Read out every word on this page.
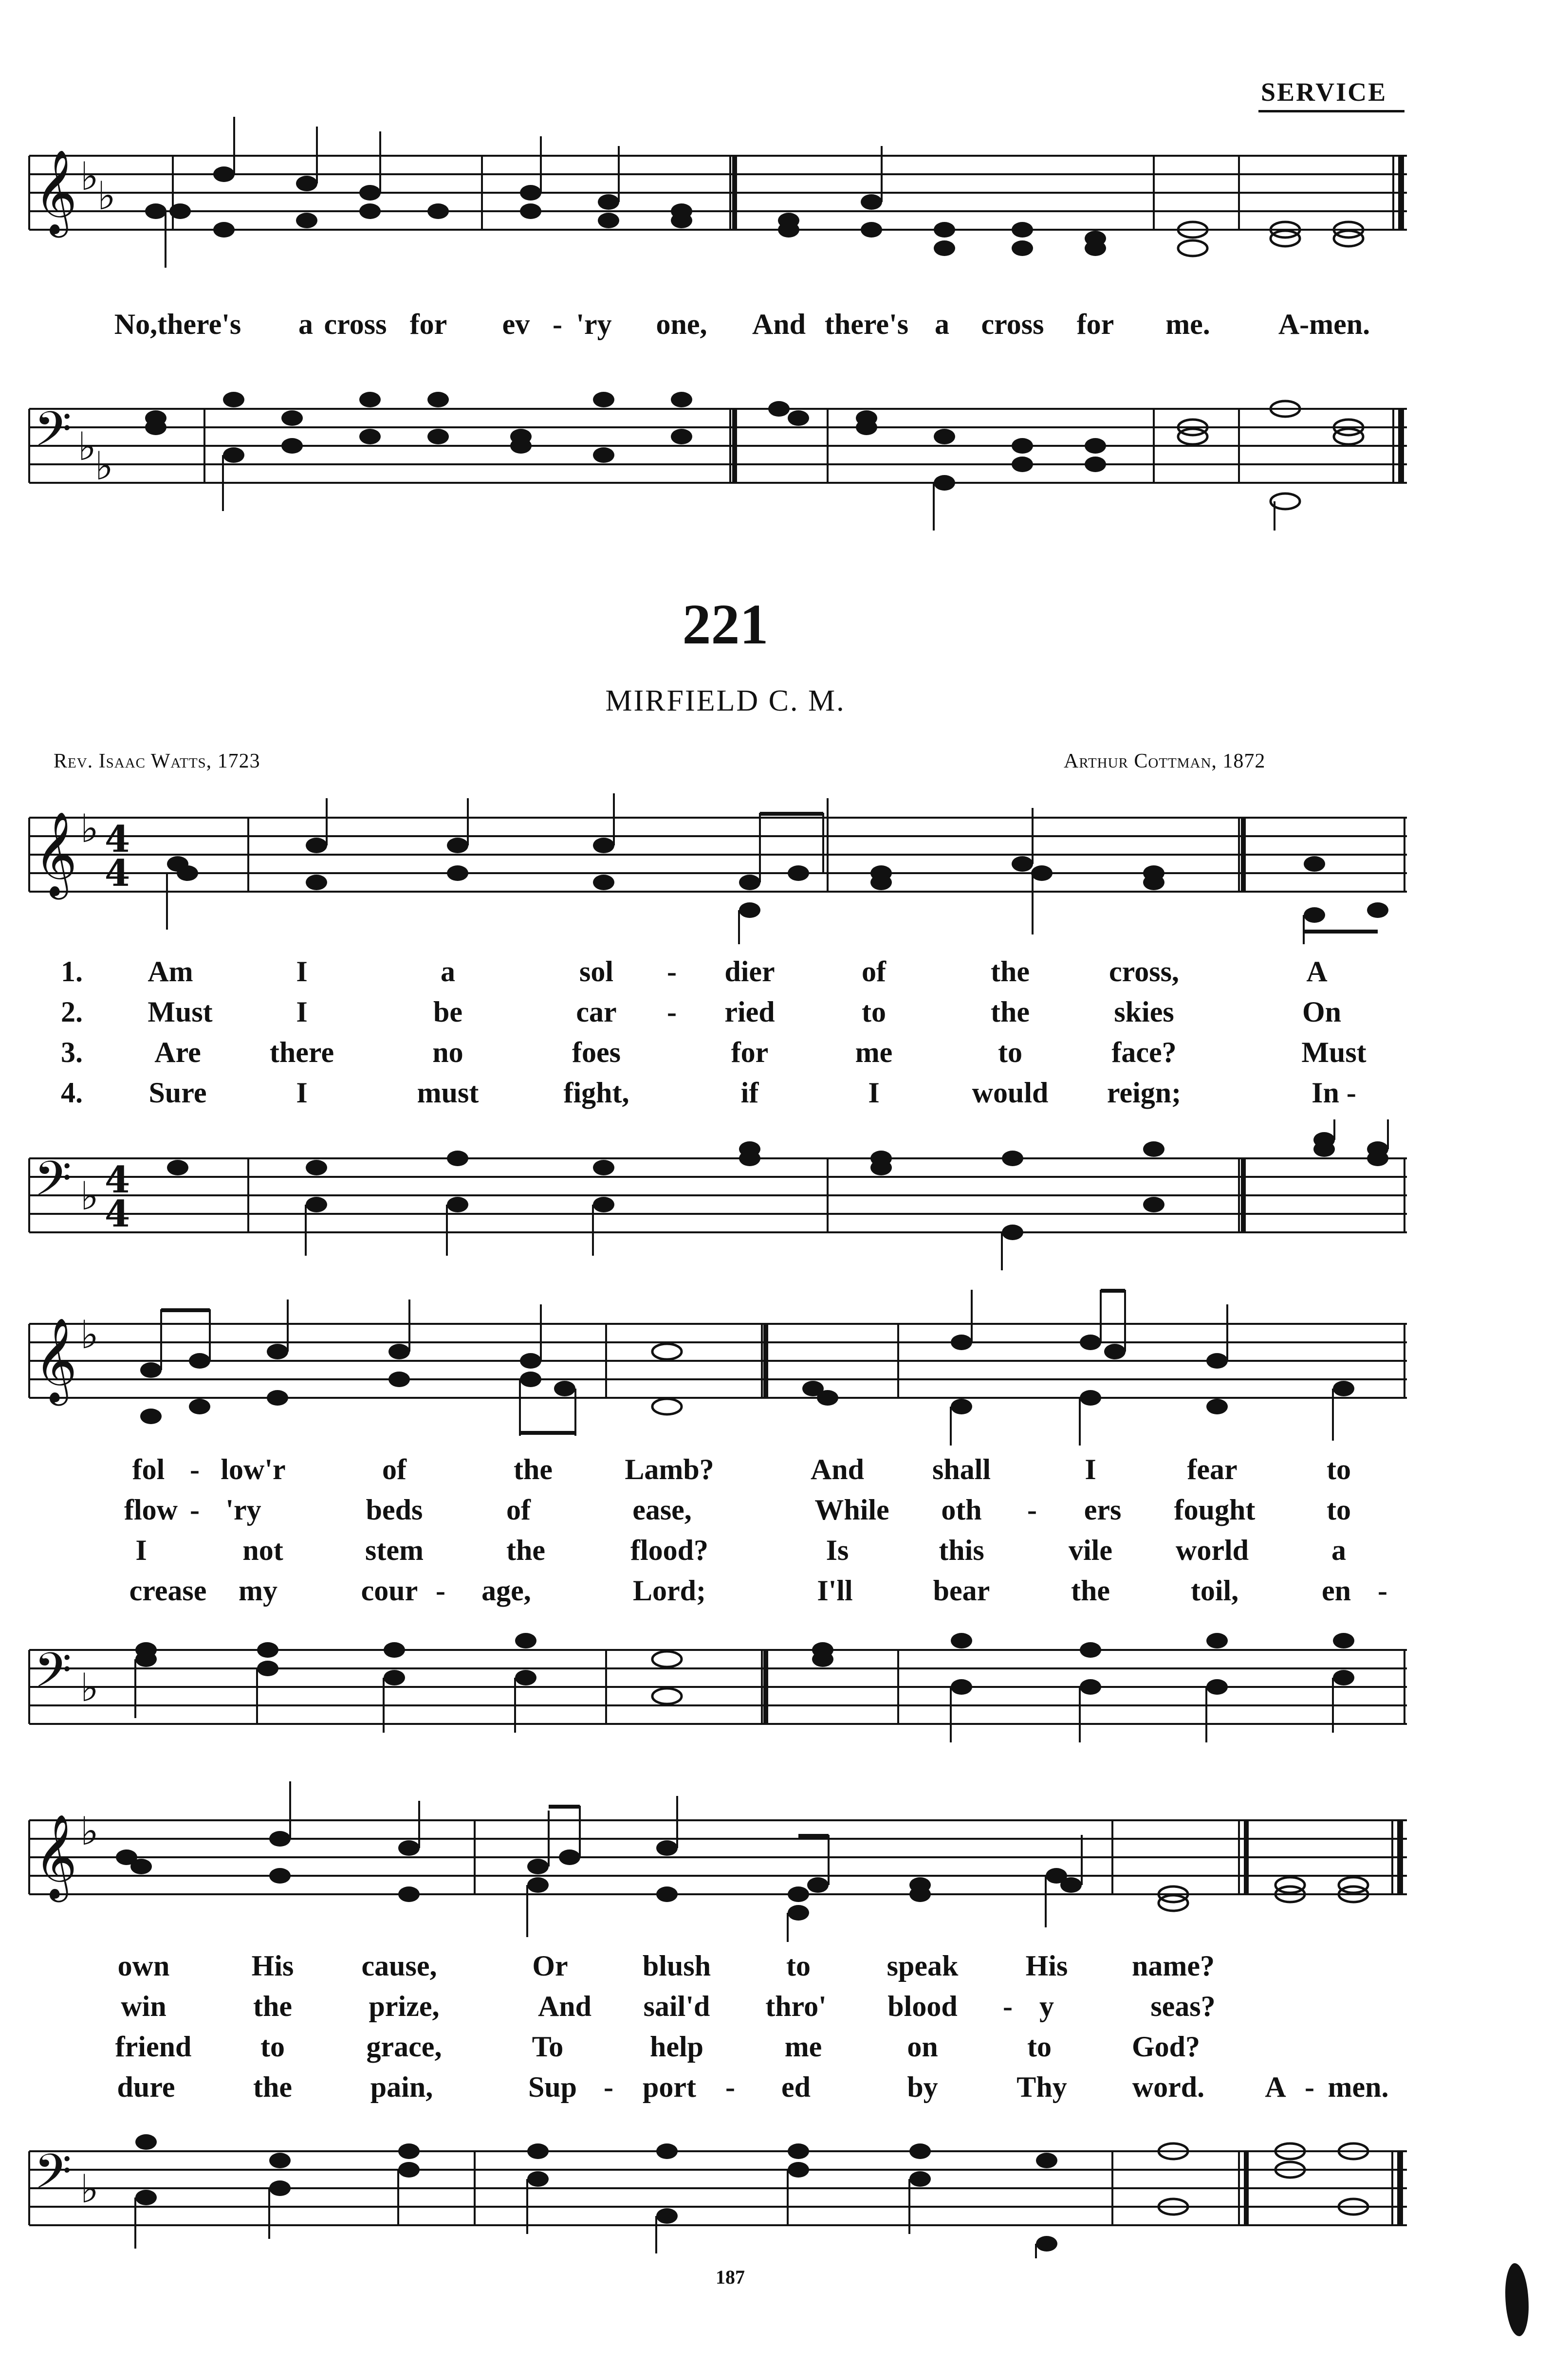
SERVICE
𝄞 ♭
♭
No,there's a cross for ev - 'ry one, And there's a cross for me. A-men.
𝄢 ♭
♭
221
MIRFIELD C. M.
Rev. Isaac Watts, 1723	Arthur Cottman, 1872
𝄞 ♭ 4
4
1. Am	I	a	sol - dier	of	the	cross,	A
2. Must	I	be	car - ried	to	the	skies	On
3. Are there	no	foes	for	me	to	face?	Must
4. Sure	I	must	fight,	if	I	would reign;	In -
𝄢 ♭ 4
4
𝄞 ♭
fol - low'r	of	the Lamb?	And shall	I	fear	to
flow - 'ry	beds	of	ease,	While oth - ers fought to
I	not	stem	the	flood?	Is	this	vile world	a
crease my	cour - age,	Lord;	I'll	bear	the	toil,	en -
𝄢 ♭
𝄞 ♭
own	His cause,	Or	blush	to	speak His name?
win	the	prize,	And sail'd thro' blood - y	seas?
friend to	grace,	To	help	me	on	to	God?
dure	the	pain,	Sup - port - ed	by	Thy word. A - men.
𝄢 ♭
187
